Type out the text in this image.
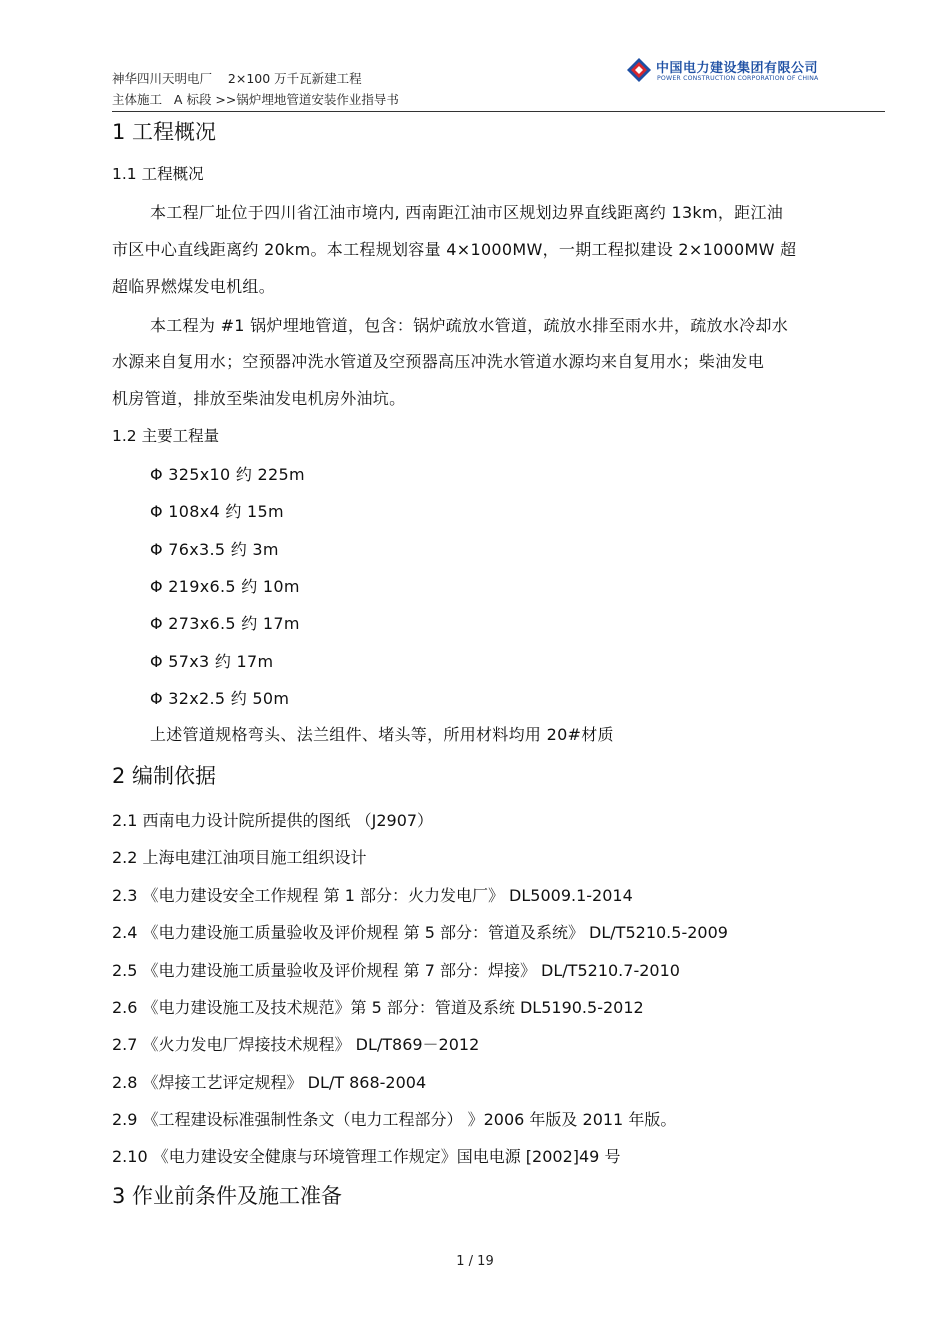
神华四川天明电厂    2×100 万千瓦新建工程
主体施工   A 标段 >>锅炉埋地管道安装作业指导书
中国电力建设集团有限公司
POWER CONSTRUCTION CORPORATION OF CHINA
1 工程概况
1.1 工程概况
本工程厂址位于四川省江油市境内, 西南距江油市区规划边界直线距离约 13km，距江油
市区中心直线距离约 20km。本工程规划容量 4×1000MW，一期工程拟建设 2×1000MW 超
超临界燃煤发电机组。
本工程为 #1 锅炉埋地管道，包含：锅炉疏放水管道，疏放水排至雨水井，疏放水冷却水
水源来自复用水；空预器冲洗水管道及空预器高压冲洗水管道水源均来自复用水；柴油发电
机房管道，排放至柴油发电机房外油坑。
1.2 主要工程量
Φ 325x10 约 225m
Φ 108x4 约 15m
Φ 76x3.5 约 3m
Φ 219x6.5 约 10m
Φ 273x6.5 约 17m
Φ 57x3 约 17m
Φ 32x2.5 约 50m
上述管道规格弯头、法兰组件、堵头等，所用材料均用 20#材质
2 编制依据
2.1 西南电力设计院所提供的图纸 （J2907）
2.2 上海电建江油项目施工组织设计
2.3 《电力建设安全工作规程 第 1 部分：火力发电厂》 DL5009.1-2014
2.4 《电力建设施工质量验收及评价规程 第 5 部分：管道及系统》 DL/T5210.5-2009
2.5 《电力建设施工质量验收及评价规程 第 7 部分：焊接》 DL/T5210.7-2010
2.6 《电力建设施工及技术规范》第 5 部分：管道及系统 DL5190.5-2012
2.7 《火力发电厂焊接技术规程》 DL/T869－2012
2.8 《焊接工艺评定规程》 DL/T 868-2004
2.9 《工程建设标准强制性条文（电力工程部分） 》2006 年版及 2011 年版。
2.10 《电力建设安全健康与环境管理工作规定》国电电源 [2002]49 号
3 作业前条件及施工准备
1 / 19
